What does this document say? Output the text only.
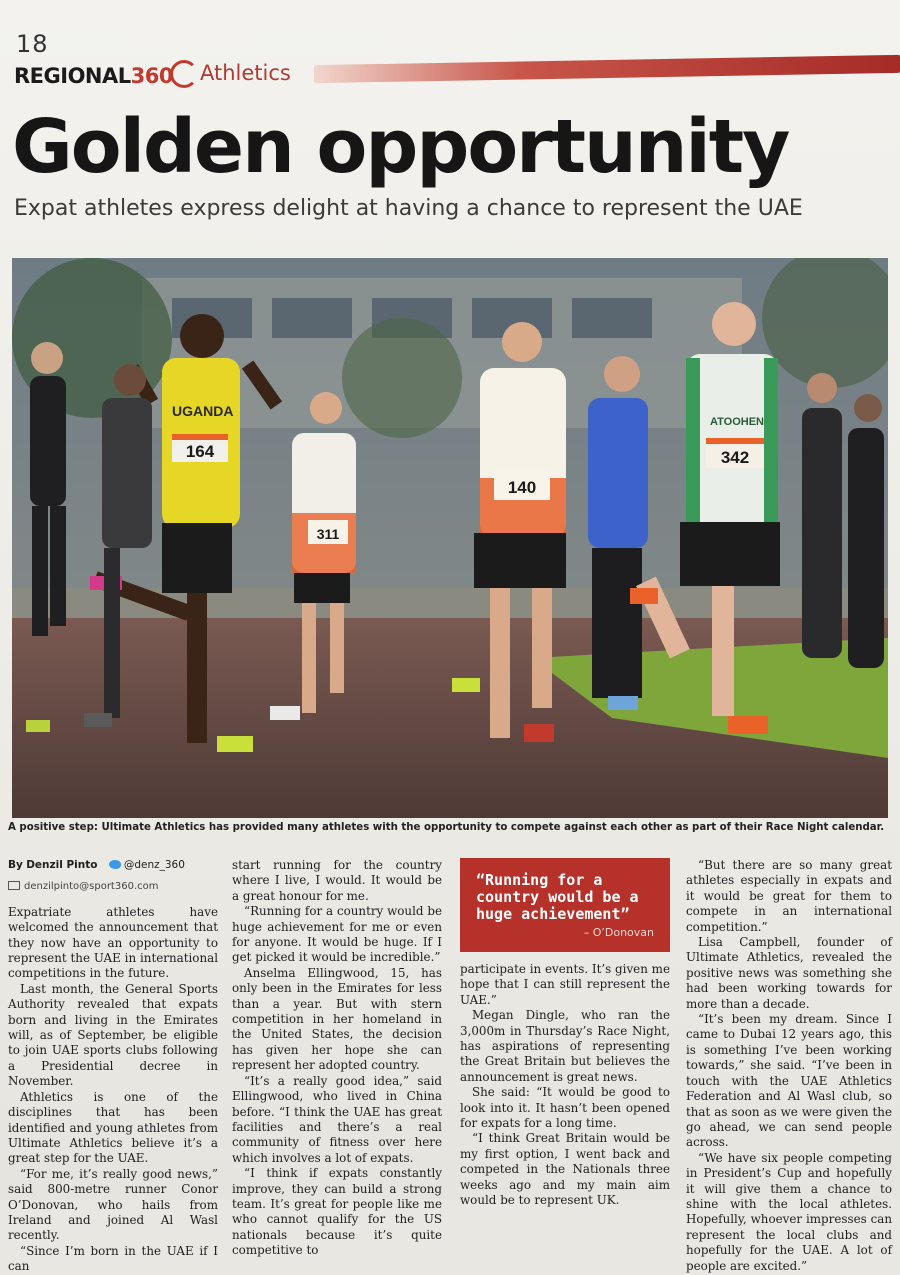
18
REGIONAL360 Athletics
Golden opportunity
Expat athletes express delight at having a chance to represent the UAE
UGANDA
164
311
140
ATOOHEN
342
A positive step: Ultimate Athletics has provided many athletes with the opportunity to compete against each other as part of their Race Night calendar.
By Denzil Pinto	@denz_360
denzilpinto@sport360.com

Expatriate athletes have welcomed the announcement that they now have an opportunity to represent the UAE in international competitions in the future.

Last month, the General Sports Authority revealed that expats born and living in the Emirates will, as of September, be eligible to join UAE sports clubs following a Presidential decree in November.

Athletics is one of the disciplines that has been identified and young athletes from Ultimate Athletics believe it’s a great step for the UAE.

“For me, it’s really good news,” said 800-metre runner Conor O’Donovan, who hails from Ireland and joined Al Wasl recently.

“Since I’m born in the UAE if I can

start running for the country where I live, I would. It would be a great honour for me.

“Running for a country would be huge achievement for me or even for anyone. It would be huge. If I get picked it would be incredible.”

Anselma Ellingwood, 15, has only been in the Emirates for less than a year. But with stern competition in her homeland in the United States, the decision has given her hope she can represent her adopted country.

“It’s a really good idea,” said Ellingwood, who lived in China before. “I think the UAE has great facilities and there’s a real community of fitness over here which involves a lot of expats.

“I think if expats constantly improve, they can build a strong team. It’s great for people like me who cannot qualify for the US nationals because it’s quite competitive to

“Running for a country would be a huge achievement”
– O’Donovan

participate in events. It’s given me hope that I can still represent the UAE.”

Megan Dingle, who ran the 3,000m in Thursday’s Race Night, has aspirations of representing the Great Britain but believes the announcement is great news.

She said: “It would be good to look into it. It hasn’t been opened for expats for a long time.

“I think Great Britain would be my first option, I went back and competed in the Nationals three weeks ago and my main aim would be to represent UK.

“But there are so many great athletes especially in expats and it would be great for them to compete in an international competition.”

Lisa Campbell, founder of Ultimate Athletics, revealed the positive news was something she had been working towards for more than a decade.

“It’s been my dream. Since I came to Dubai 12 years ago, this is something I’ve been working towards,” she said. “I’ve been in touch with the UAE Athletics Federation and Al Wasl club, so that as soon as we were given the go ahead, we can send people across.

“We have six people competing in President’s Cup and hopefully it will give them a chance to shine with the local athletes. Hopefully, whoever impresses can represent the local clubs and hopefully for the UAE. A lot of people are excited.”
